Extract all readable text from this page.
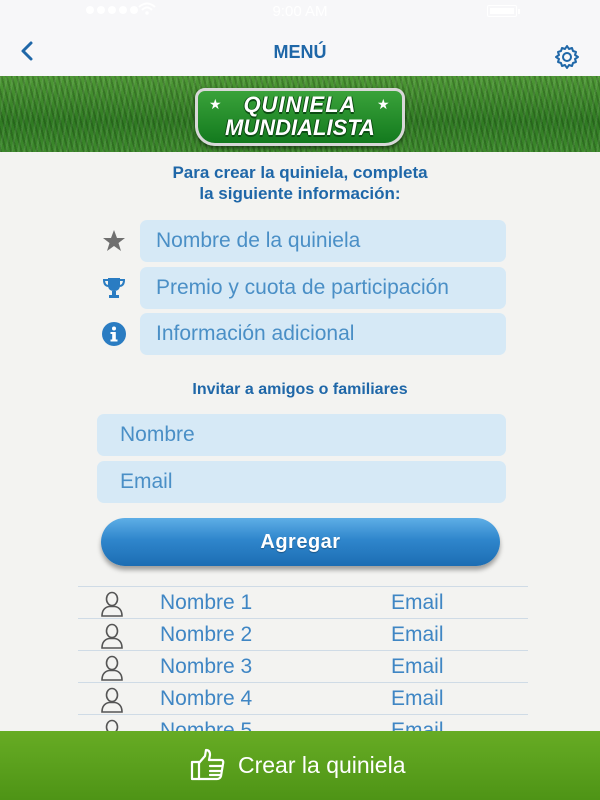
9:00 AM
MENÚ
★	★
QUINIELA
MUNDIALISTA
Para crear la quiniela, completa
la siguiente información:
Nombre de la quiniela
Premio y cuota de participación
Información adicional
Invitar a amigos o familiares
Nombre
Email
Agregar
Nombre 1	Email
Nombre 2	Email
Nombre 3	Email
Nombre 4	Email
Crear la quiniela
